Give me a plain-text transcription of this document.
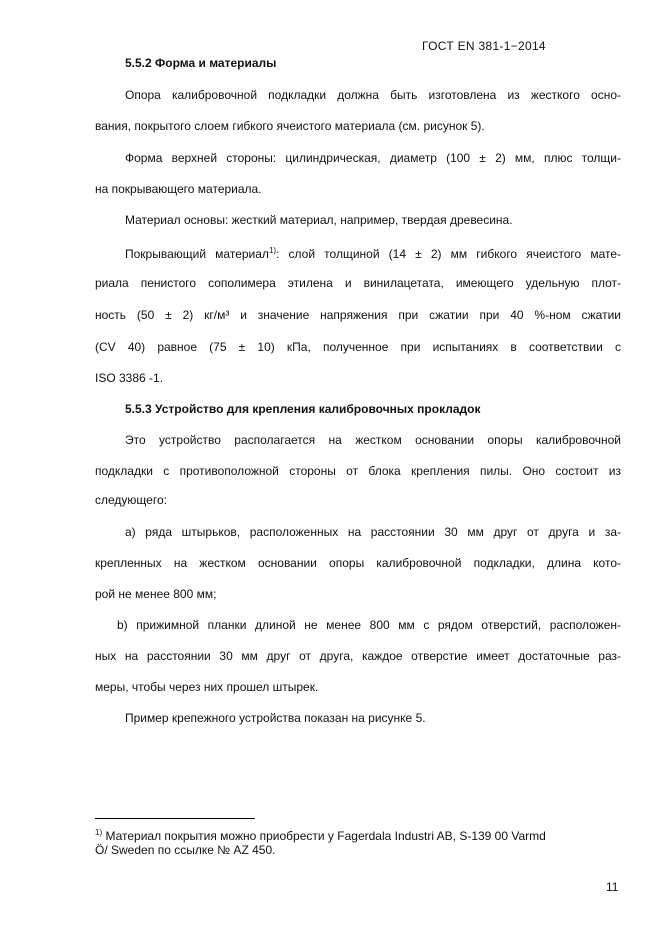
ГОСТ EN 381-1−2014
5.5.2 Форма и материалы
Опора калибровочной подкладки должна быть изготовлена из жесткого осно-
вания, покрытого слоем гибкого ячеистого материала (см. рисунок 5).
Форма верхней стороны: цилиндрическая, диаметр (100 ± 2) мм, плюс толщи-
на покрывающего материала.
Материал основы: жесткий материал, например, твердая древесина.
Покрывающий материал$^{1)}$: слой толщиной (14 ± 2) мм гибкого ячеистого мате-
риала пенистого сополимера этилена и винилацетата, имеющего удельную плот-
ность (50 ± 2) кг/м³ и значение напряжения при сжатии при 40 %-ном сжатии
(CV 40) равное (75 ± 10) кПа, полученное при испытаниях в соответствии с
ISO 3386 -1.
5.5.3 Устройство для крепления калибровочных прокладок
Это устройство располагается на жестком основании опоры калибровочной
подкладки с противоположной стороны от блока крепления пилы. Оно состоит из
следующего:
а) ряда штырьков, расположенных на расстоянии 30 мм друг от друга и за-
крепленных на жестком основании опоры калибровочной подкладки, длина кото-
рой не менее 800 мм;
b) прижимной планки длиной не менее 800 мм с рядом отверстий, расположен-
ных на расстоянии 30 мм друг от друга, каждое отверстие имеет достаточные раз-
меры, чтобы через них прошел штырек.
Пример крепежного устройства показан на рисунке 5.
$^{1)}$ Материал покрытия можно приобрести у Fagerdala Industri AB, S-139 00 Varmd
Ö/ Sweden по ссылке № AZ 450.
11
